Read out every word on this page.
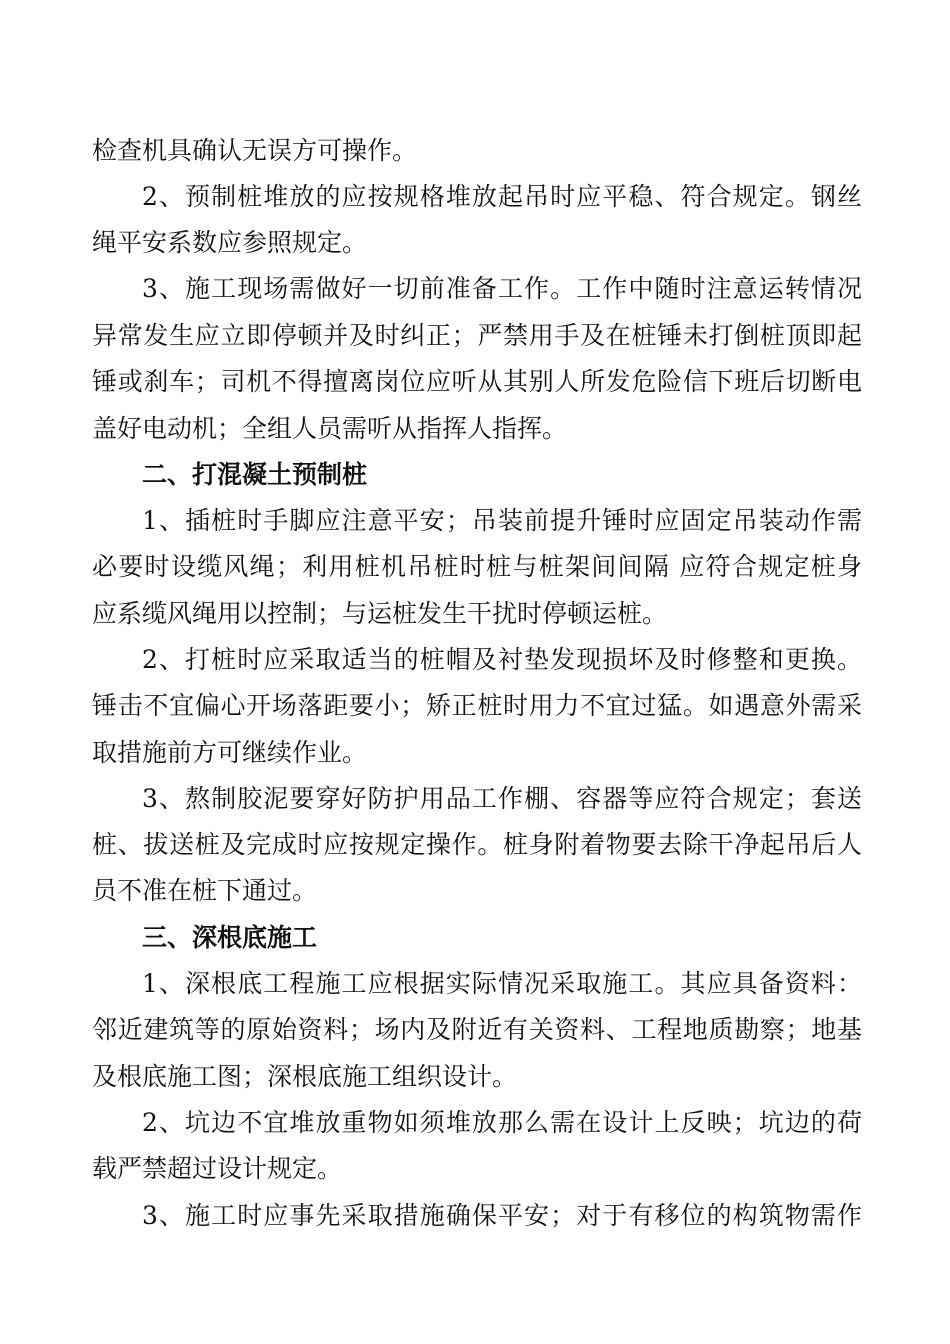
检查机具确认无误方可操作。
2、预制桩堆放的应按规格堆放起吊时应平稳、符合规定。钢丝
绳平安系数应参照规定。
3、施工现场需做好一切前准备工作。工作中随时注意运转情况
异常发生应立即停顿并及时纠正；严禁用手及在桩锤未打倒桩顶即起
锤或刹车；司机不得擅离岗位应听从其别人所发危险信下班后切断电
盖好电动机；全组人员需听从指挥人指挥。
二、打混凝土预制桩
1、插桩时手脚应注意平安；吊装前提升锤时应固定吊装动作需
必要时设缆风绳；利用桩机吊桩时桩与桩架间间隔 应符合规定桩身
应系缆风绳用以控制；与运桩发生干扰时停顿运桩。
2、打桩时应采取适当的桩帽及衬垫发现损坏及时修整和更换。
锤击不宜偏心开场落距要小；矫正桩时用力不宜过猛。如遇意外需采
取措施前方可继续作业。
3、熬制胶泥要穿好防护用品工作棚、容器等应符合规定；套送
桩、拔送桩及完成时应按规定操作。桩身附着物要去除干净起吊后人
员不准在桩下通过。
三、深根底施工
1、深根底工程施工应根据实际情况采取施工。其应具备资料：
邻近建筑等的原始资料；场内及附近有关资料、工程地质勘察；地基
及根底施工图；深根底施工组织设计。
2、坑边不宜堆放重物如须堆放那么需在设计上反映；坑边的荷
载严禁超过设计规定。
3、施工时应事先采取措施确保平安；对于有移位的构筑物需作
